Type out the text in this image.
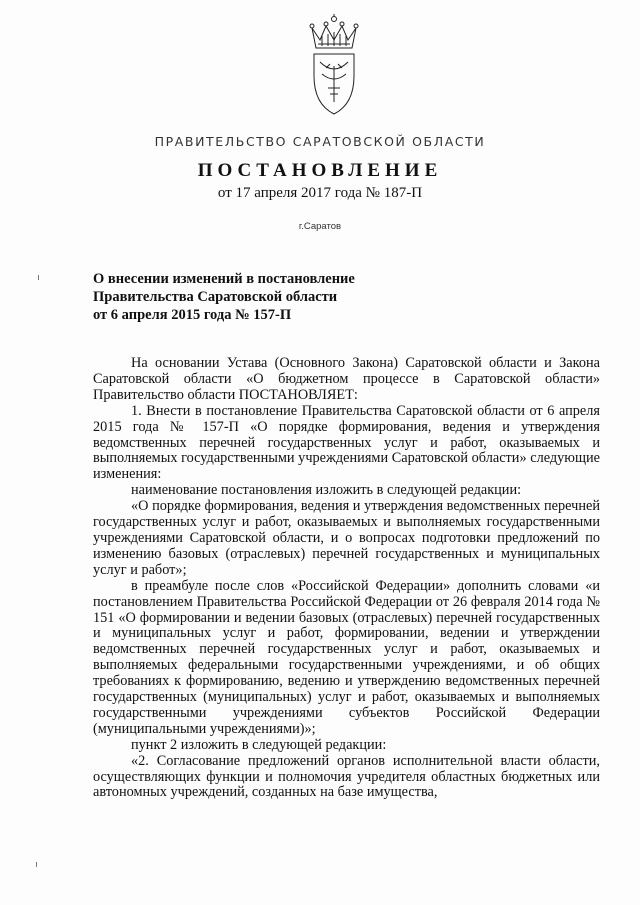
ПРАВИТЕЛЬСТВО САРАТОВСКОЙ ОБЛАСТИ
ПОСТАНОВЛЕНИЕ
от 17 апреля 2017 года № 187-П
г.Саратов
О внесении изменений в постановление
Правительства Саратовской области
от 6 апреля 2015 года № 157-П

На основании Устава (Основного Закона) Саратовской области и Закона Саратовской области «О бюджетном процессе в Саратовской области» Правительство области ПОСТАНОВЛЯЕТ:

1. Внести в постановление Правительства Саратовской области от 6 апреля 2015 года № 157-П «О порядке формирования, ведения и утверждения ведомственных перечней государственных услуг и работ, оказываемых и выполняемых государственными учреждениями Саратовской области» следующие изменения:

наименование постановления изложить в следующей редакции:

«О порядке формирования, ведения и утверждения ведомственных перечней государственных услуг и работ, оказываемых и выполняемых государственными учреждениями Саратовской области, и о вопросах подготовки предложений по изменению базовых (отраслевых) перечней государственных и муниципальных услуг и работ»;

в преамбуле после слов «Российской Федерации» дополнить словами «и постановлением Правительства Российской Федерации от 26 февраля 2014 года № 151 «О формировании и ведении базовых (отраслевых) перечней государственных и муниципальных услуг и работ, формировании, ведении и утверждении ведомственных перечней государственных услуг и работ, оказываемых и выполняемых федеральными государственными учреждениями, и об общих требованиях к формированию, ведению и утверждению ведомственных перечней государственных (муниципальных) услуг и работ, оказываемых и выполняемых государственными учреждениями субъектов Российской Федерации (муниципальными учреждениями)»;

пункт 2 изложить в следующей редакции:

«2. Согласование предложений органов исполнительной власти области, осуществляющих функции и полномочия учредителя областных бюджетных или автономных учреждений, созданных на базе имущества,
